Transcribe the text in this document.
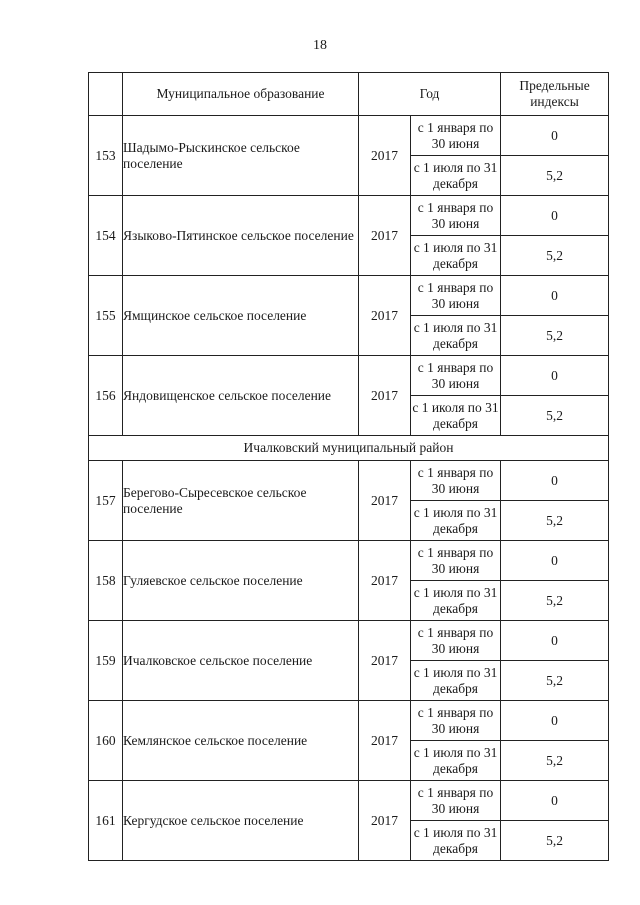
18
	Муниципальное образование	Год		Предельные индексы
153	Шадымо-Рыскинское сельское поселение	2017	с 1 января по 30 июня	0
			с 1 июля по 31 декабря	5,2
154	Языково-Пятинское сельское поселение	2017	с 1 января по 30 июня	0
			с 1 июля по 31 декабря	5,2
155	Ямщинское сельское поселение	2017	с 1 января по 30 июня	0
			с 1 июля по 31 декабря	5,2
156	Яндовищенское сельское поселение	2017	с 1 января по 30 июня	0
			с 1 иколя по 31 декабря	5,2
Ичалковский муниципальный район				
157	Берегово-Сыресевское сельское поселение	2017	с 1 января по 30 июня	0
			с 1 июля по 31 декабря	5,2
158	Гуляевское сельское поселение	2017	с 1 января по 30 июня	0
			с 1 июля по 31 декабря	5,2
159	Ичалковское сельское поселение	2017	с 1 января по 30 июня	0
			с 1 июля по 31 декабря	5,2
160	Кемлянское сельское поселение	2017	с 1 января по 30 июня	0
			с 1 июля по 31 декабря	5,2
161	Кергудское сельское поселение	2017	с 1 января по 30 июня	0
			с 1 июля по 31 декабря	5,2
